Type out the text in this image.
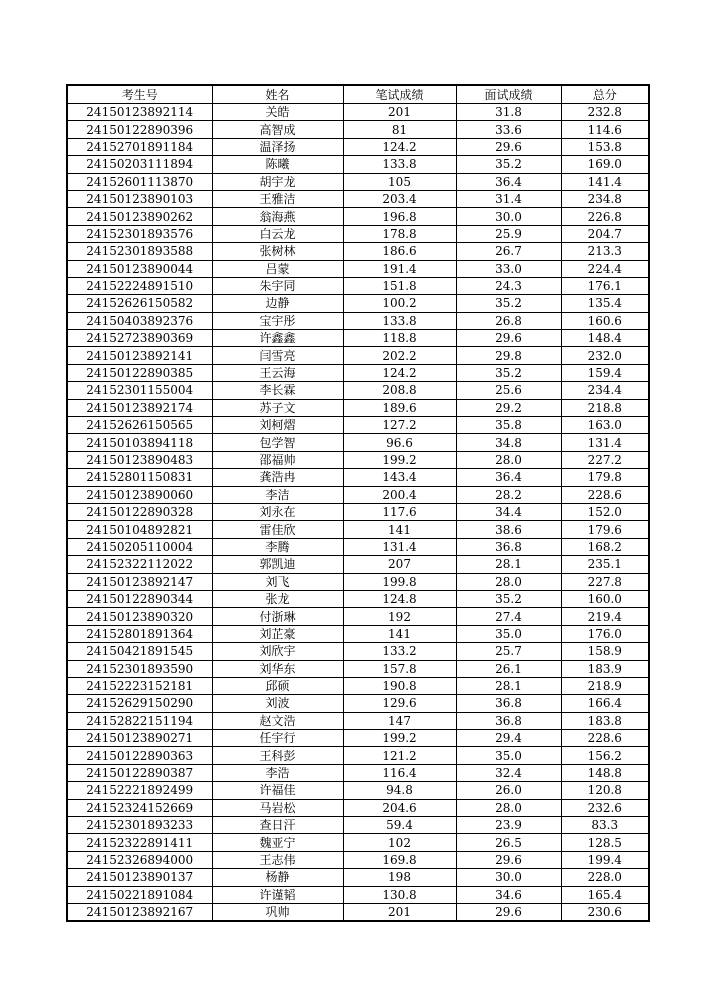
考生号	姓名	笔试成绩	面试成绩	总分
24150123892114	关皓	201	31.8	232.8
24150122890396	高智成	81	33.6	114.6
24152701891184	温泽扬	124.2	29.6	153.8
24150203111894	陈曦	133.8	35.2	169.0
24152601113870	胡宇龙	105	36.4	141.4
24150123890103	王雅洁	203.4	31.4	234.8
24150123890262	翁海燕	196.8	30.0	226.8
24152301893576	白云龙	178.8	25.9	204.7
24152301893588	张树林	186.6	26.7	213.3
24150123890044	吕蒙	191.4	33.0	224.4
24152224891510	朱宇同	151.8	24.3	176.1
24152626150582	边静	100.2	35.2	135.4
24150403892376	宝宇彤	133.8	26.8	160.6
24152723890369	许鑫鑫	118.8	29.6	148.4
24150123892141	闫雪亮	202.2	29.8	232.0
24150122890385	王云海	124.2	35.2	159.4
24152301155004	李长霖	208.8	25.6	234.4
24150123892174	苏子文	189.6	29.2	218.8
24152626150565	刘柯熠	127.2	35.8	163.0
24150103894118	包学智	96.6	34.8	131.4
24150123890483	邵福帅	199.2	28.0	227.2
24152801150831	龚浩冉	143.4	36.4	179.8
24150123890060	李洁	200.4	28.2	228.6
24150122890328	刘永在	117.6	34.4	152.0
24150104892821	雷佳欣	141	38.6	179.6
24150205110004	李腾	131.4	36.8	168.2
24152322112022	郭凯迪	207	28.1	235.1
24150123892147	刘飞	199.8	28.0	227.8
24150122890344	张龙	124.8	35.2	160.0
24150123890320	付浙琳	192	27.4	219.4
24152801891364	刘芷豪	141	35.0	176.0
24150421891545	刘欣宇	133.2	25.7	158.9
24152301893590	刘华东	157.8	26.1	183.9
24152223152181	邱硕	190.8	28.1	218.9
24152629150290	刘波	129.6	36.8	166.4
24152822151194	赵文浩	147	36.8	183.8
24150123890271	任宇行	199.2	29.4	228.6
24150122890363	王科彭	121.2	35.0	156.2
24150122890387	李浩	116.4	32.4	148.8
24152221892499	许福佳	94.8	26.0	120.8
24152324152669	马岩松	204.6	28.0	232.6
24152301893233	查日汗	59.4	23.9	83.3
24152322891411	魏亚宁	102	26.5	128.5
24152326894000	王志伟	169.8	29.6	199.4
24150123890137	杨静	198	30.0	228.0
24150221891084	许谨韬	130.8	34.6	165.4
24150123892167	巩帅	201	29.6	230.6
